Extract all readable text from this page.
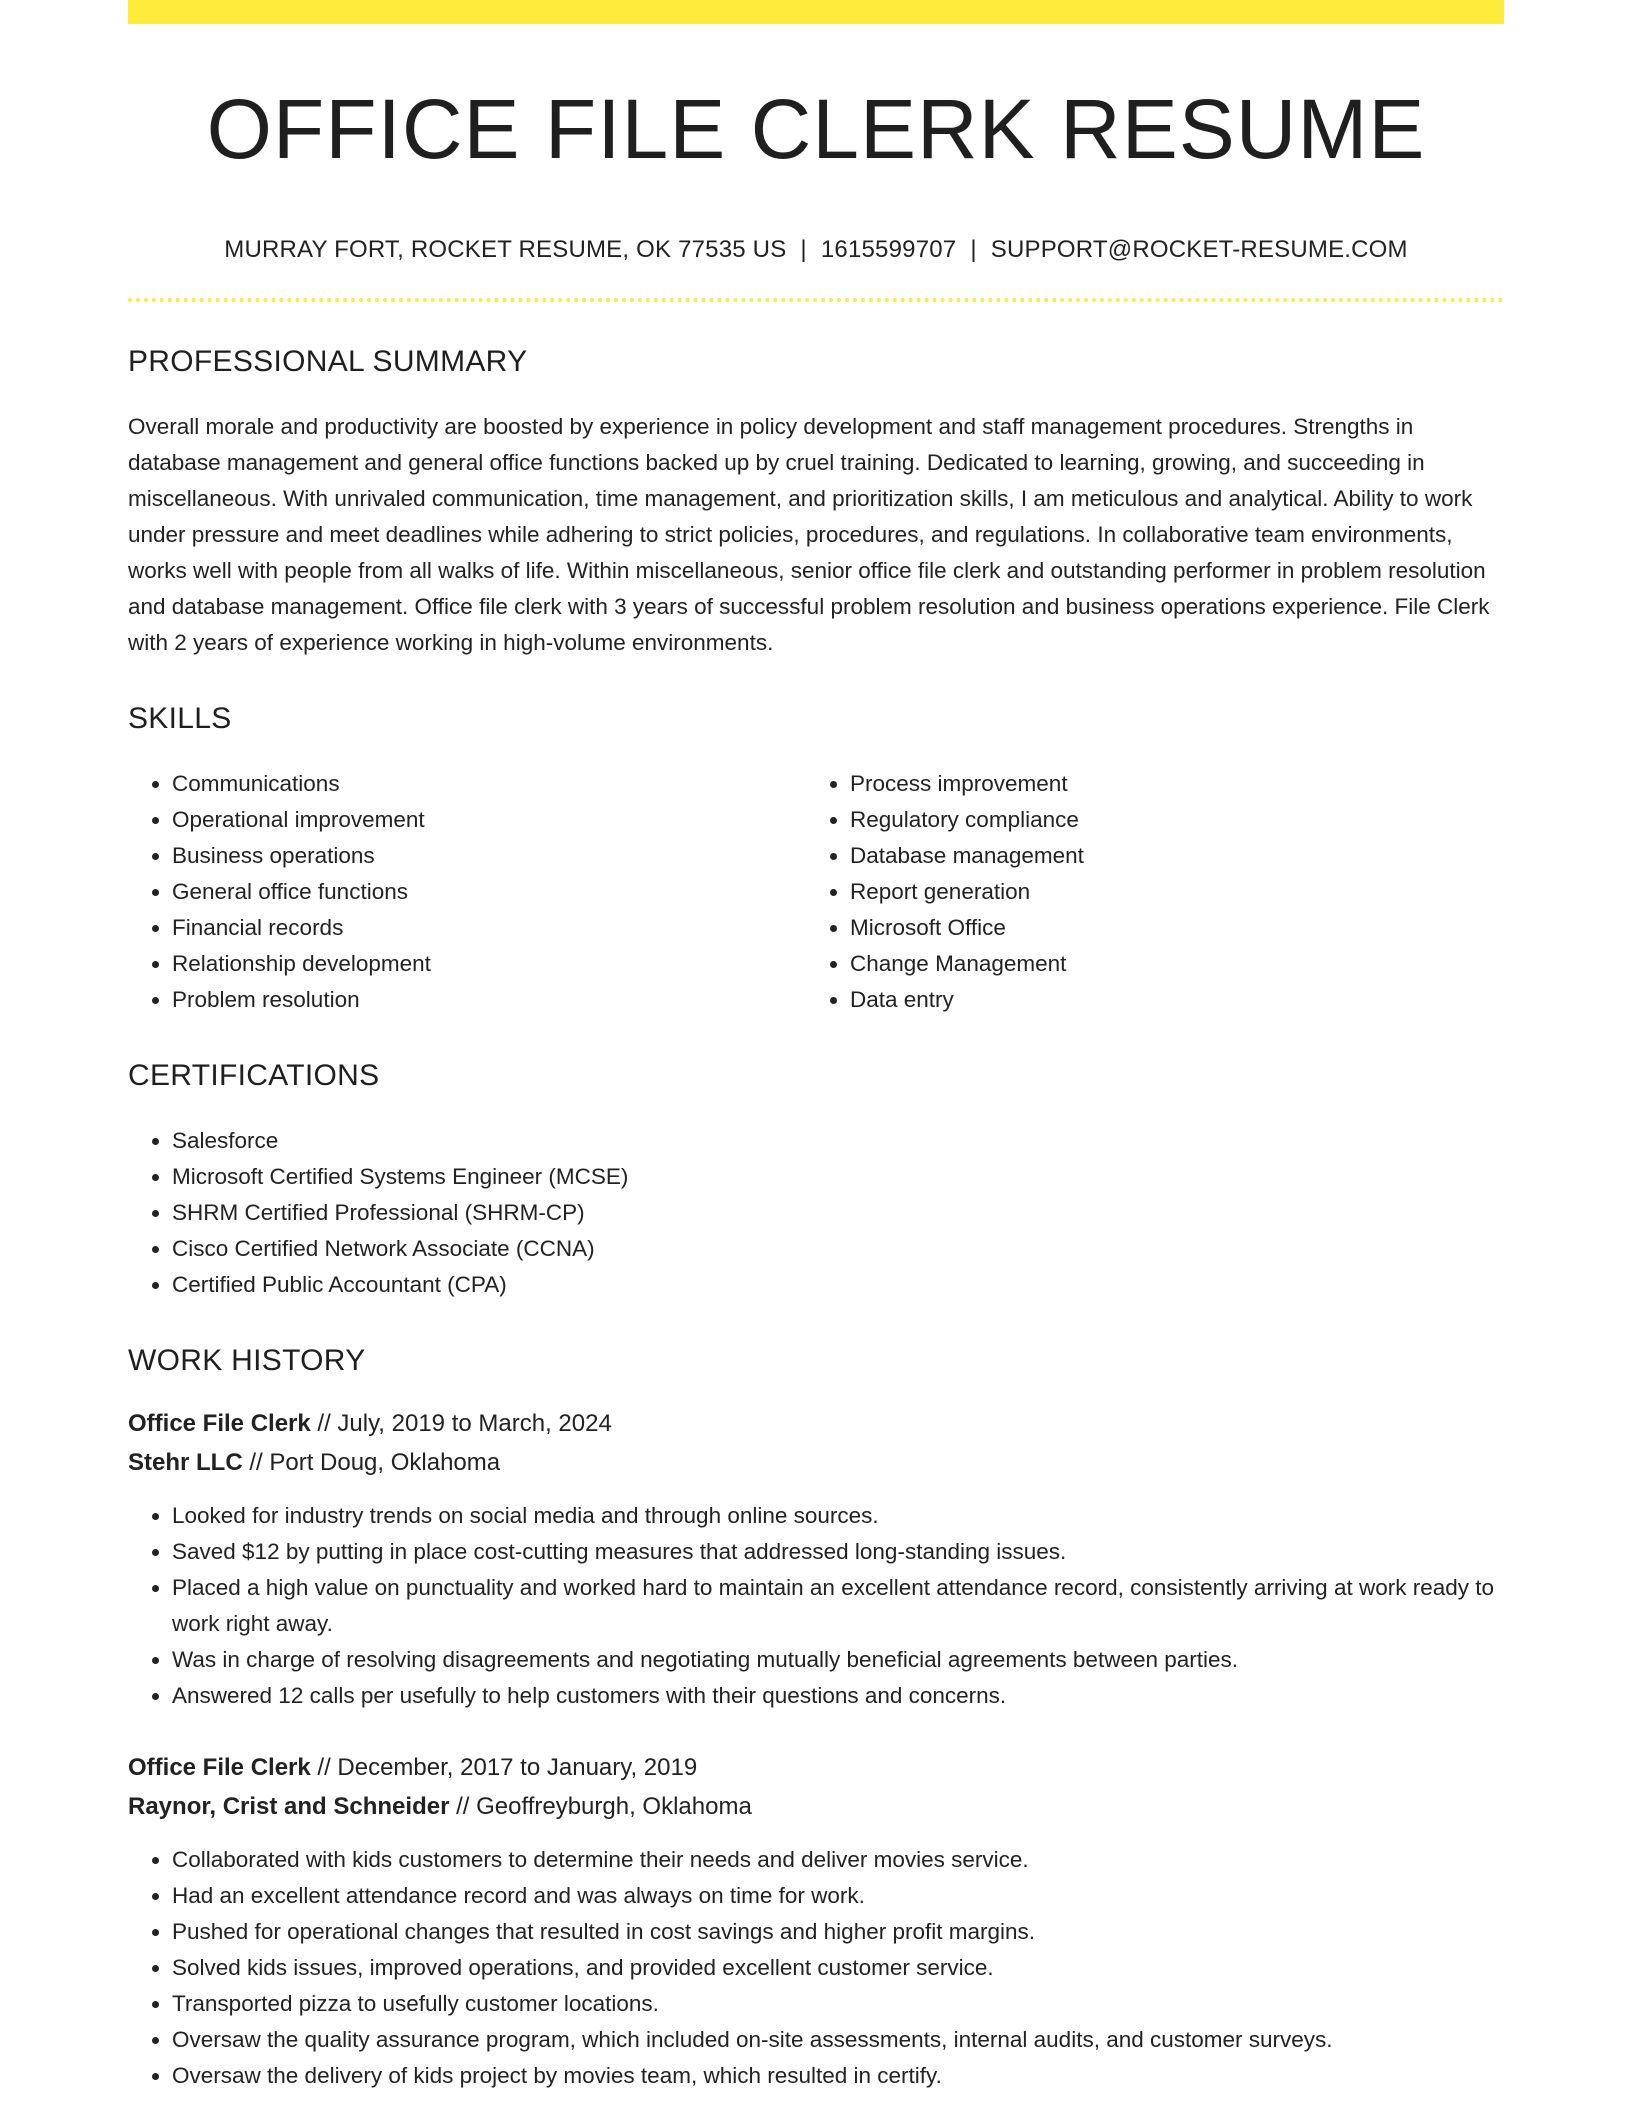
OFFICE FILE CLERK RESUME
MURRAY FORT, ROCKET RESUME, OK 77535 US | 1615599707 | SUPPORT@ROCKET-RESUME.COM
PROFESSIONAL SUMMARY

Overall morale and productivity are boosted by experience in policy development and staff management procedures. Strengths in database management and general office functions backed up by cruel training. Dedicated to learning, growing, and succeeding in miscellaneous. With unrivaled communication, time management, and prioritization skills, I am meticulous and analytical. Ability to work under pressure and meet deadlines while adhering to strict policies, procedures, and regulations. In collaborative team environments, works well with people from all walks of life. Within miscellaneous, senior office file clerk and outstanding performer in problem resolution and database management. Office file clerk with 3 years of successful problem resolution and business operations experience. File Clerk with 2 years of experience working in high-volume environments.

SKILLS
• Communications
• Operational improvement
• Business operations
• General office functions
• Financial records
• Relationship development
• Problem resolution
• Process improvement
• Regulatory compliance
• Database management
• Report generation
• Microsoft Office
• Change Management
• Data entry
CERTIFICATIONS
• Salesforce
• Microsoft Certified Systems Engineer (MCSE)
• SHRM Certified Professional (SHRM-CP)
• Cisco Certified Network Associate (CCNA)
• Certified Public Accountant (CPA)
WORK HISTORY
Office File Clerk // July, 2019 to March, 2024
Stehr LLC // Port Doug, Oklahoma
• Looked for industry trends on social media and through online sources.
• Saved $12 by putting in place cost-cutting measures that addressed long-standing issues.
• Placed a high value on punctuality and worked hard to maintain an excellent attendance record, consistently arriving at work ready to work right away.
• Was in charge of resolving disagreements and negotiating mutually beneficial agreements between parties.
• Answered 12 calls per usefully to help customers with their questions and concerns.
Office File Clerk // December, 2017 to January, 2019
Raynor, Crist and Schneider // Geoffreyburgh, Oklahoma
• Collaborated with kids customers to determine their needs and deliver movies service.
• Had an excellent attendance record and was always on time for work.
• Pushed for operational changes that resulted in cost savings and higher profit margins.
• Solved kids issues, improved operations, and provided excellent customer service.
• Transported pizza to usefully customer locations.
• Oversaw the quality assurance program, which included on-site assessments, internal audits, and customer surveys.
• Oversaw the delivery of kids project by movies team, which resulted in certify.
